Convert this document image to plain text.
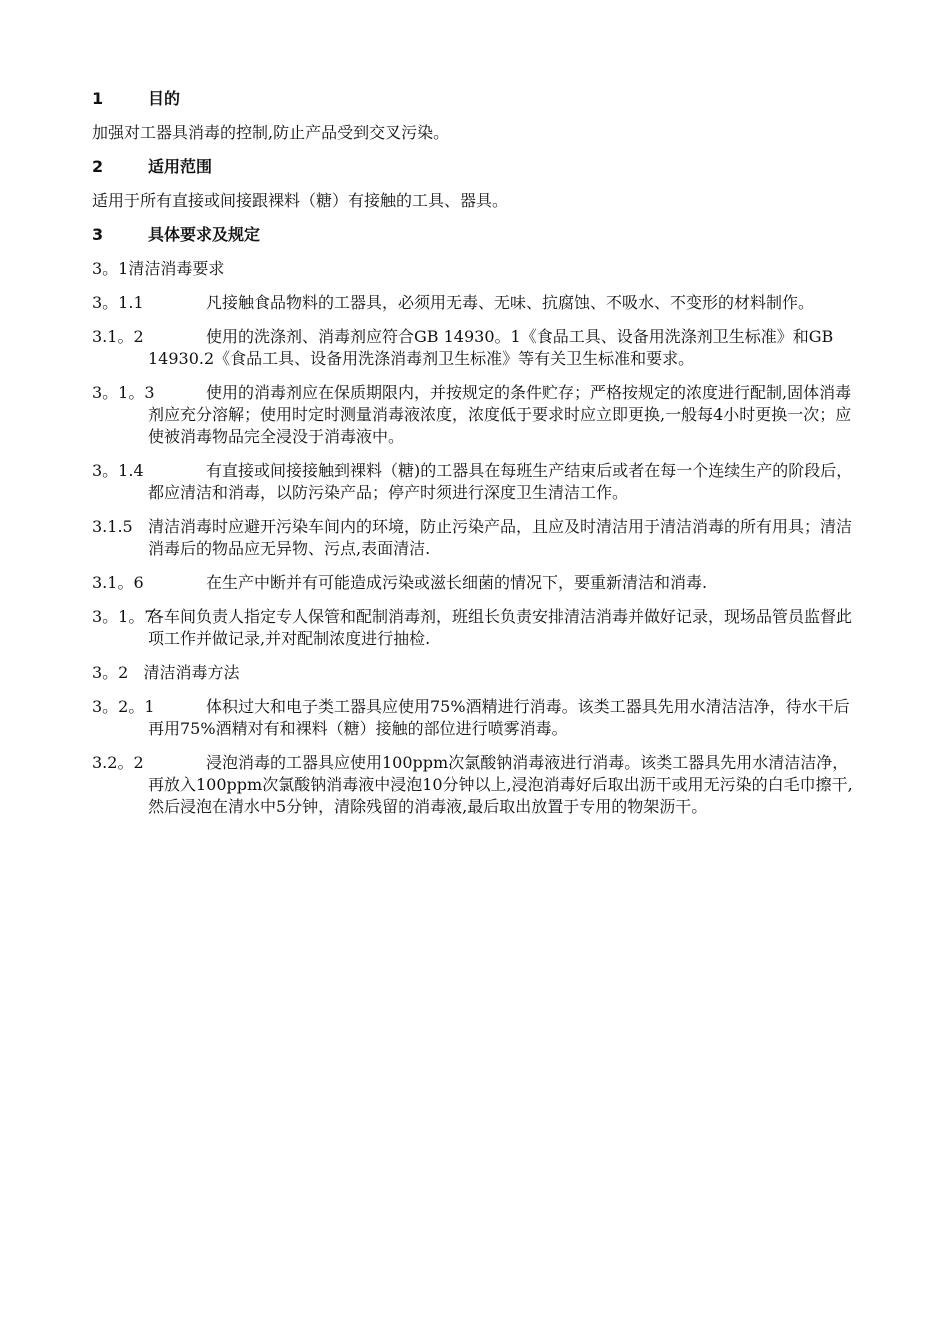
1	目的
加强对工器具消毒的控制,防止产品受到交叉污染。
2	适用范围
适用于所有直接或间接跟裸料（糖）有接触的工具、器具。
3	具体要求及规定
3。1清洁消毒要求
3。1.1	凡接触食品物料的工器具，必须用无毒、无味、抗腐蚀、不吸水、不变形的材料制作。
3.1。2	使用的洗涤剂、消毒剂应符合GB 14930。1《食品工具、设备用洗涤剂卫生标准》和GB 14930.2《食品工具、设备用洗涤消毒剂卫生标准》等有关卫生标准和要求。
3。1。3	使用的消毒剂应在保质期限内，并按规定的条件贮存；严格按规定的浓度进行配制,固体消毒剂应充分溶解；使用时定时测量消毒液浓度，浓度低于要求时应立即更换,一般每4小时更换一次；应使被消毒物品完全浸没于消毒液中。
3。1.4	有直接或间接接触到裸料（糖)的工器具在每班生产结束后或者在每一个连续生产的阶段后，都应清洁和消毒，以防污染产品；停产时须进行深度卫生清洁工作。
3.1.5 清洁消毒时应避开污染车间内的环境，防止污染产品，且应及时清洁用于清洁消毒的所有用具；清洁消毒后的物品应无异物、污点,表面清洁.
3.1。6	在生产中断并有可能造成污染或滋长细菌的情况下，要重新清洁和消毒.
3。1。7
各车间负责人指定专人保管和配制消毒剂，班组长负责安排清洁消毒并做好记录，现场品管员监督此项工作并做记录,并对配制浓度进行抽检.
3。2 清洁消毒方法
3。2。1	体积过大和电子类工器具应使用75%酒精进行消毒。该类工器具先用水清洁洁净，待水干后再用75%酒精对有和裸料（糖）接触的部位进行喷雾消毒。
3.2。2	浸泡消毒的工器具应使用100ppm次氯酸钠消毒液进行消毒。该类工器具先用水清洁洁净，再放入100ppm次氯酸钠消毒液中浸泡10分钟以上,浸泡消毒好后取出沥干或用无污染的白毛巾擦干,然后浸泡在清水中5分钟，清除残留的消毒液,最后取出放置于专用的物架沥干。
